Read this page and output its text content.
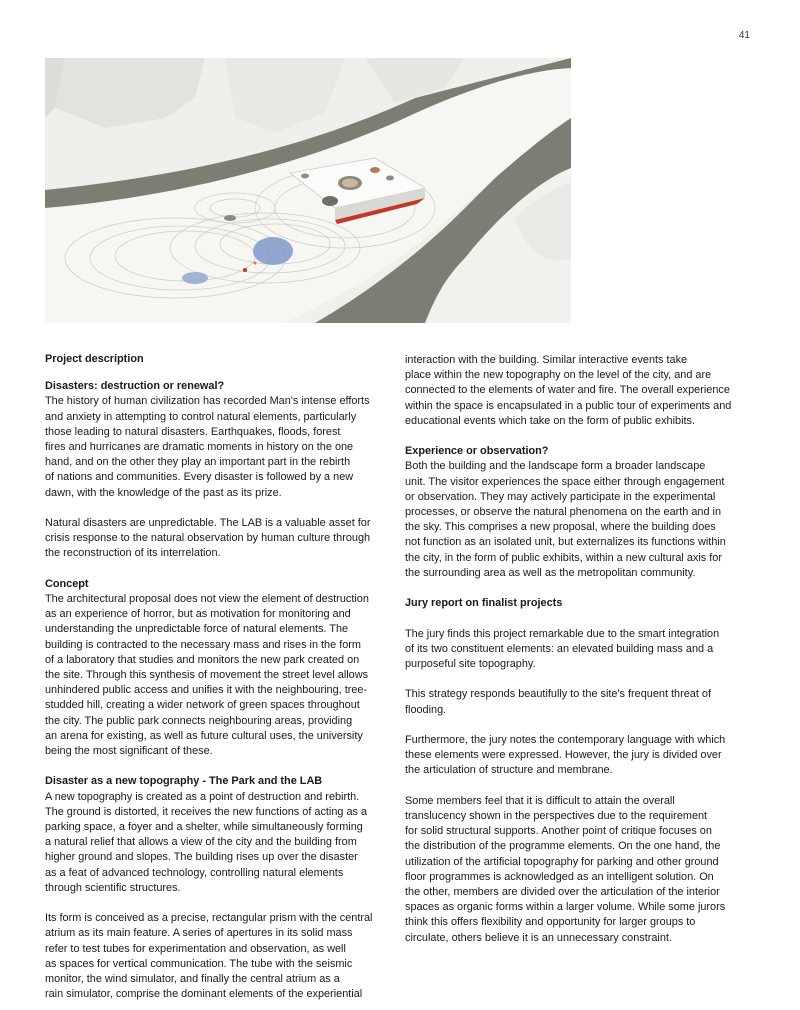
41
Project description
Disasters: destruction or renewal?

The history of human civilization has recorded Man's intense efforts
and anxiety in attempting to control natural elements, particularly
those leading to natural disasters. Earthquakes, floods, forest
fires and hurricanes are dramatic moments in history on the one
hand, and on the other they play an important part in the rebirth
of nations and communities. Every disaster is followed by a new
dawn, with the knowledge of the past as its prize.

Natural disasters are unpredictable. The LAB is a valuable asset for
crisis response to the natural observation by human culture through
the reconstruction of its interrelation.

Concept

The architectural proposal does not view the element of destruction
as an experience of horror, but as motivation for monitoring and
understanding the unpredictable force of natural elements. The
building is contracted to the necessary mass and rises in the form
of a laboratory that studies and monitors the new park created on
the site. Through this synthesis of movement the street level allows
unhindered public access and unifies it with the neighbouring, tree-
studded hill, creating a wider network of green spaces throughout
the city. The public park connects neighbouring areas, providing
an arena for existing, as well as future cultural uses, the university
being the most significant of these.

Disaster as a new topography - The Park and the LAB

A new topography is created as a point of destruction and rebirth.
The ground is distorted, it receives the new functions of acting as a
parking space, a foyer and a shelter, while simultaneously forming
a natural relief that allows a view of the city and the building from
higher ground and slopes. The building rises up over the disaster
as a feat of advanced technology, controlling natural elements
through scientific structures.

Its form is conceived as a precise, rectangular prism with the central
atrium as its main feature. A series of apertures in its solid mass
refer to test tubes for experimentation and observation, as well
as spaces for vertical communication. The tube with the seismic
monitor, the wind simulator, and finally the central atrium as a
rain simulator, comprise the dominant elements of the experiential

interaction with the building. Similar interactive events take
place within the new topography on the level of the city, and are
connected to the elements of water and fire. The overall experience
within the space is encapsulated in a public tour of experiments and
educational events which take on the form of public exhibits.

Experience or observation?

Both the building and the landscape form a broader landscape
unit. The visitor experiences the space either through engagement
or observation. They may actively participate in the experimental
processes, or observe the natural phenomena on the earth and in
the sky. This comprises a new proposal, where the building does
not function as an isolated unit, but externalizes its functions within
the city, in the form of public exhibits, within a new cultural axis for
the surrounding area as well as the metropolitan community.

Jury report on finalist projects

The jury finds this project remarkable due to the smart integration
of its two constituent elements: an elevated building mass and a
purposeful site topography.

This strategy responds beautifully to the site's frequent threat of
flooding.

Furthermore, the jury notes the contemporary language with which
these elements were expressed. However, the jury is divided over
the articulation of structure and membrane.

Some members feel that it is difficult to attain the overall
translucency shown in the perspectives due to the requirement
for solid structural supports. Another point of critique focuses on
the distribution of the programme elements. On the one hand, the
utilization of the artificial topography for parking and other ground
floor programmes is acknowledged as an intelligent solution. On
the other, members are divided over the articulation of the interior
spaces as organic forms within a larger volume. While some jurors
think this offers flexibility and opportunity for larger groups to
circulate, others believe it is an unnecessary constraint.
